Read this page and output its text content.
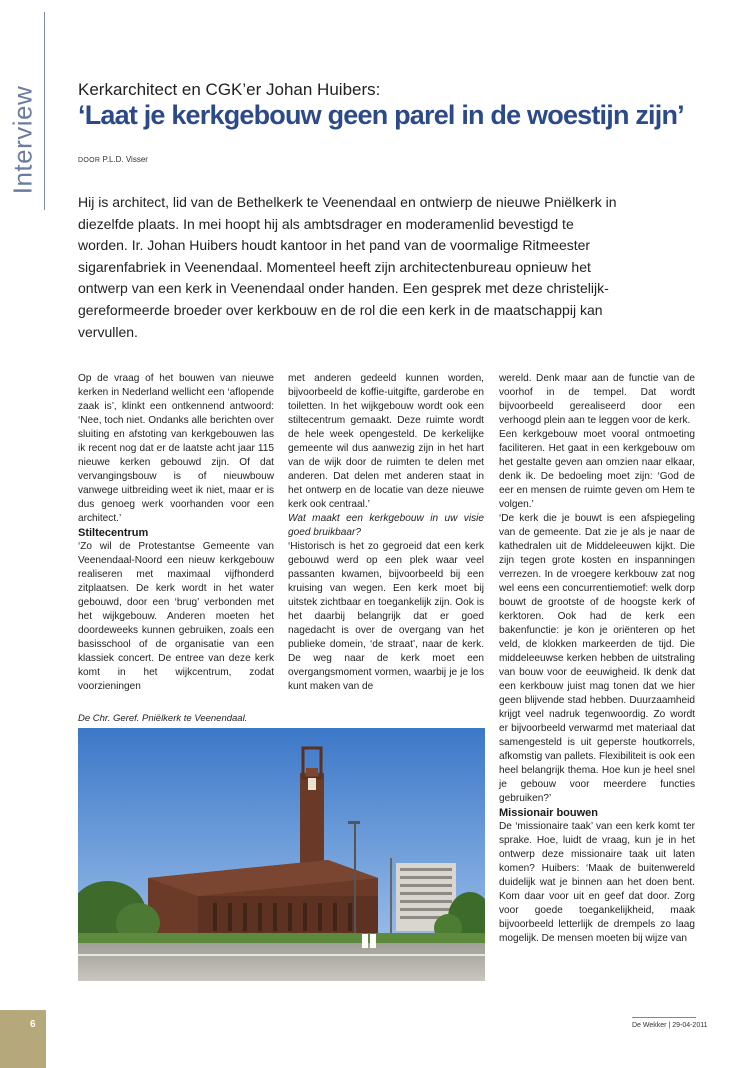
Interview Kerkarchitect en CGK’er Johan Huibers:
‘Laat je kerkgebouw geen parel in de woestijn zijn’
DOOR P.L.D. Visser
Hij is architect, lid van de Bethelkerk te Veenendaal en ontwierp de nieuwe Pniëlkerk in diezelfde plaats. In mei hoopt hij als ambtsdrager en moderamenlid bevestigd te worden. Ir. Johan Huibers houdt kantoor in het pand van de voormalige Ritmeester sigarenfabriek in Veenendaal. Momenteel heeft zijn architectenbureau opnieuw het ontwerp van een kerk in Veenendaal onder handen. Een gesprek met deze christelijk-gereformeerde broeder over kerkbouw en de rol die een kerk in de maatschappij kan vervullen.

Op de vraag of het bouwen van nieuwe kerken in Nederland wellicht een ‘aflopende zaak is’, klinkt een ontkennend antwoord: ‘Nee, toch niet. Ondanks alle berichten over sluiting en afstoting van kerkgebouwen las ik recent nog dat er de laatste acht jaar 115 nieuwe kerken gebouwd zijn. Of dat vervangingsbouw is of nieuwbouw vanwege uitbreiding weet ik niet, maar er is dus genoeg werk voorhanden voor een architect.’

Stiltecentrum

‘Zo wil de Protestantse Gemeente van Veenendaal-Noord een nieuw kerkgebouw realiseren met maximaal vijfhonderd zitplaatsen. De kerk wordt in het water gebouwd, door een ‘brug’ verbonden met het wijkgebouw. Anderen moeten het doordeweeks kunnen gebruiken, zoals een basisschool of de organisatie van een klassiek concert. De entree van deze kerk komt in het wijkcentrum, zodat voorzieningen

met anderen gedeeld kunnen worden, bijvoorbeeld de koffie-uitgifte, garderobe en toiletten. In het wijkgebouw wordt ook een stiltecentrum gemaakt. Deze ruimte wordt de hele week opengesteld. De kerkelijke gemeente wil dus aanwezig zijn in het hart van de wijk door de ruimten te delen met anderen. Dat delen met anderen staat in het ontwerp en de locatie van deze nieuwe kerk ook centraal.’

Wat maakt een kerkgebouw in uw visie goed bruikbaar?

‘Historisch is het zo gegroeid dat een kerk gebouwd werd op een plek waar veel passanten kwamen, bijvoorbeeld bij een kruising van wegen. Een kerk moet bij uitstek zichtbaar en toegankelijk zijn. Ook is het daarbij belangrijk dat er goed nagedacht is over de overgang van het publieke domein, ‘de straat’, naar de kerk. De weg naar de kerk moet een overgangsmoment vormen, waarbij je je los kunt maken van de

wereld. Denk maar aan de functie van de voorhof in de tempel. Dat wordt bijvoorbeeld gerealiseerd door een verhoogd plein aan te leggen voor de kerk.

Een kerkgebouw moet vooral ontmoeting faciliteren. Het gaat in een kerkgebouw om het gestalte geven aan omzien naar elkaar, denk ik. De bedoeling moet zijn: ‘God de eer en mensen de ruimte geven om Hem te volgen.’

‘De kerk die je bouwt is een afspiegeling van de gemeente. Dat zie je als je naar de kathedralen uit de Middeleeuwen kijkt. Die zijn tegen grote kosten en inspanningen verrezen. In de vroegere kerkbouw zat nog wel eens een concurrentiemotief: welk dorp bouwt de grootste of de hoogste kerk of kerktoren. Ook had de kerk een bakenfunctie: je kon je oriënteren op het veld, de klokken markeerden de tijd. Die middeleeuwse kerken hebben de uitstraling van bouw voor de eeuwigheid. Ik denk dat een kerkbouw juist mag tonen dat we hier geen blijvende stad hebben. Duurzaamheid krijgt veel nadruk tegenwoordig. Zo wordt er bijvoorbeeld verwarmd met materiaal dat samengesteld is uit geperste houtkorrels, afkomstig van pallets. Flexibiliteit is ook een heel belangrijk thema. Hoe kun je heel snel je gebouw voor meerdere functies gebruiken?’

Missionair bouwen

De ‘missionaire taak’ van een kerk komt ter sprake. Hoe, luidt de vraag, kun je in het ontwerp deze missionaire taak uit laten komen? Huibers: ‘Maak de buitenwereld duidelijk wat je binnen aan het doen bent. Kom daar voor uit en geef dat door. Zorg voor goede toegankelijkheid, maak bijvoorbeeld letterlijk de drempels zo laag mogelijk. De mensen moeten bij wijze van

De Chr. Geref. Pniëlkerk te Veenendaal.
6	De Wekker | 29-04-2011
